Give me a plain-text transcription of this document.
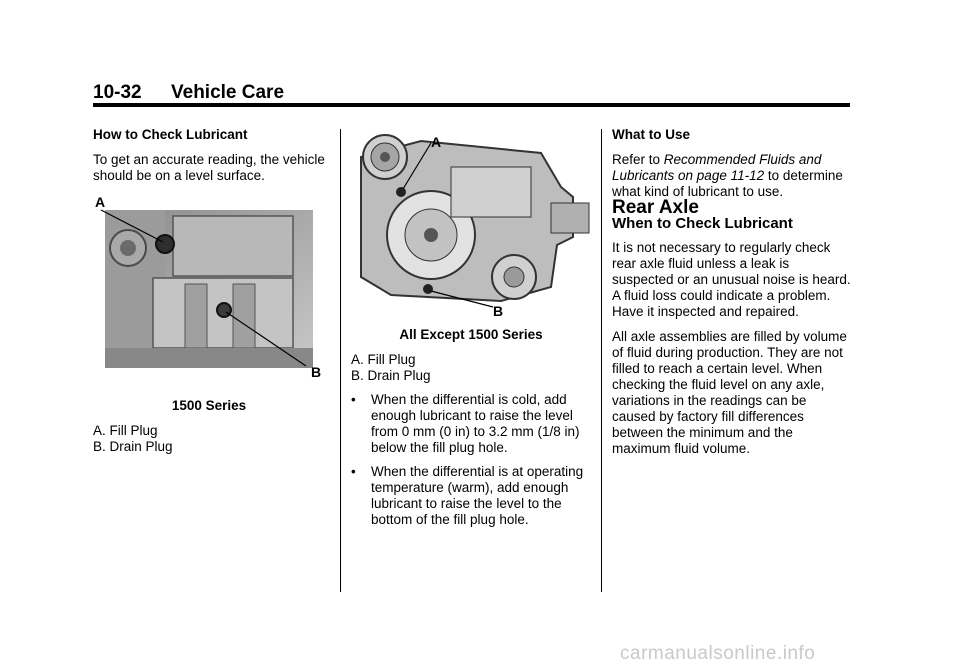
10-32 Vehicle Care

How to Check Lubricant

To get an accurate reading, the vehicle should be on a level surface.

A
B

1500 Series

A. Fill Plug

B. Drain Plug

A
B

All Except 1500 Series

A. Fill Plug

B. Drain Plug

• When the differential is cold, add enough lubricant to raise the level from 0 mm (0 in) to 3.2 mm (1/8 in) below the fill plug hole.
• When the differential is at operating temperature (warm), add enough lubricant to raise the level to the bottom of the fill plug hole.

What to Use

Refer to Recommended Fluids and Lubricants on page 11-12 to determine what kind of lubricant to use.

Rear Axle

When to Check Lubricant

It is not necessary to regularly check rear axle fluid unless a leak is suspected or an unusual noise is heard. A fluid loss could indicate a problem. Have it inspected and repaired.

All axle assemblies are filled by volume of fluid during production. They are not filled to reach a certain level. When checking the fluid level on any axle, variations in the readings can be caused by factory fill differences between the minimum and the maximum fluid volume.

carmanualsonline.info
